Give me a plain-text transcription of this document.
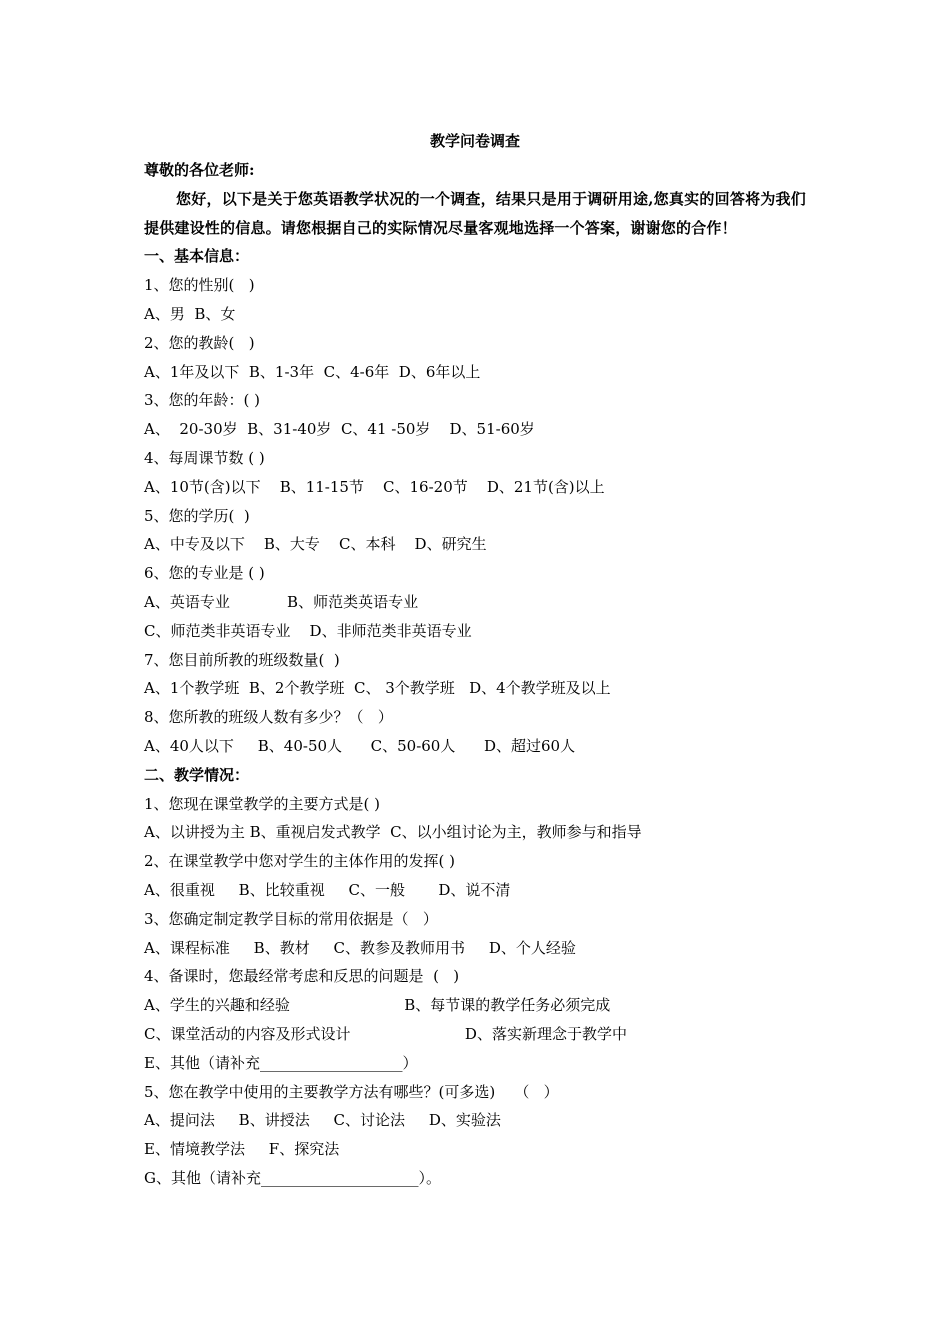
教学问卷调查
尊敬的各位老师:
您好，以下是关于您英语教学状况的一个调查，结果只是用于调研用途,您真实的回答将为我们提供建设性的信息。请您根据自己的实际情况尽量客观地选择一个答案，谢谢您的合作！
一、基本信息：
1、您的性别(   )
A、男  B、女
2、您的教龄(   )
A、1年及以下  B、1-3年  C、4-6年  D、6年以上
3、您的年龄：( )
A、  20-30岁  B、31-40岁  C、41 -50岁    D、51-60岁
4、每周课节数 ( )
A、10节(含)以下    B、11-15节    C、16-20节    D、21节(含)以上
5、您的学历(  )
A、中专及以下    B、大专    C、本科    D、研究生
6、您的专业是 ( )
A、英语专业            B、师范类英语专业
C、师范类非英语专业    D、非师范类非英语专业
7、您目前所教的班级数量(  )
A、1个教学班  B、2个教学班  C、 3个教学班   D、4个教学班及以上
8、您所教的班级人数有多少？（   ）
A、40人以下     B、40-50人      C、50-60人      D、超过60人
二、教学情况：
1、您现在课堂教学的主要方式是( )
A、以讲授为主 B、重视启发式教学  C、以小组讨论为主，教师参与和指导
2、在课堂教学中您对学生的主体作用的发挥( )
A、很重视     B、比较重视     C、一般       D、说不清
3、您确定制定教学目标的常用依据是（   ）
A、课程标准     B、教材     C、教参及教师用书     D、个人经验
4、备课时，您最经常考虑和反思的问题是  (   )
A、学生的兴趣和经验                        B、每节课的教学任务必须完成
C、课堂活动的内容及形式设计                        D、落实新理念于教学中
E、其他（请补充___________________）
5、您在教学中使用的主要教学方法有哪些？(可多选)    （   ）
A、提问法     B、讲授法     C、讨论法     D、实验法
E、情境教学法     F、探究法
G、其他（请补充_____________________）。
